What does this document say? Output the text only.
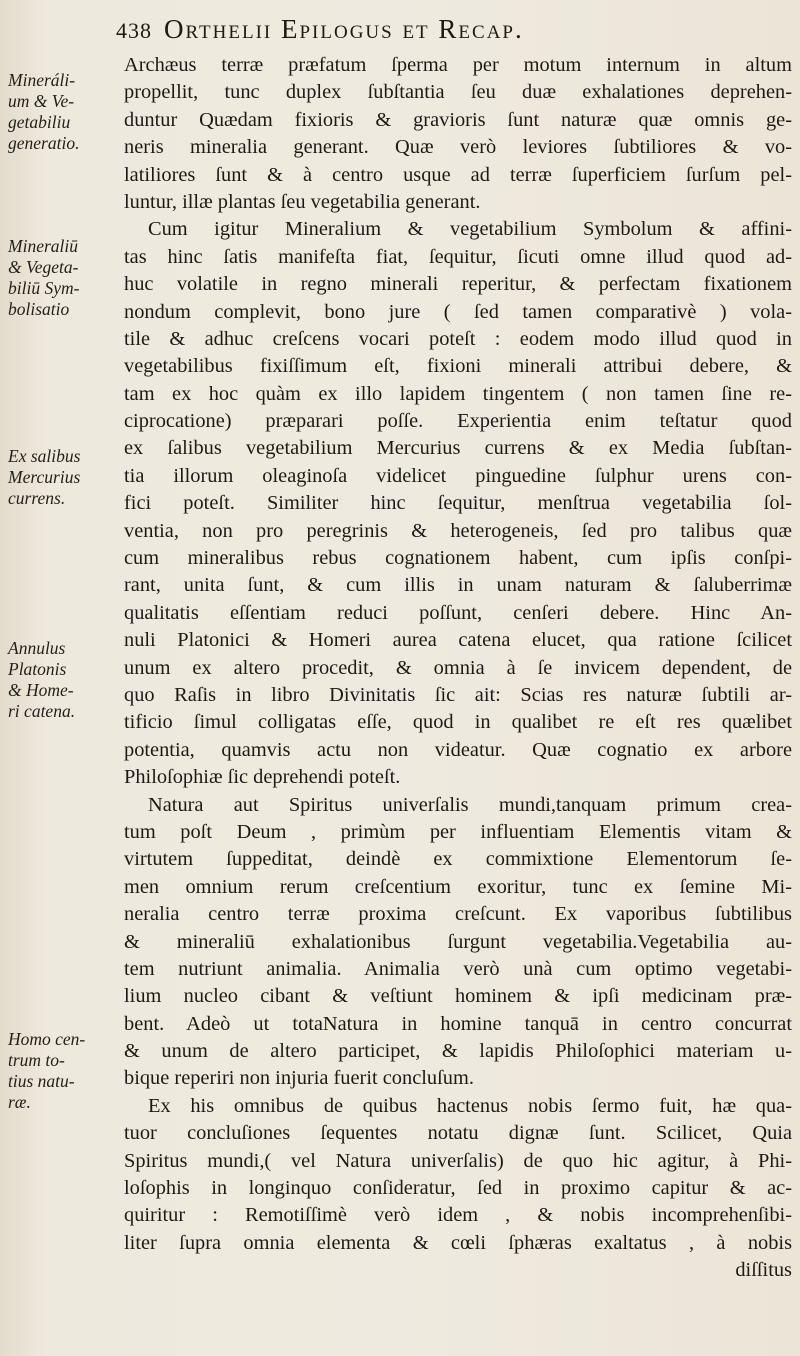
438 Orthelii Epilogus et Recap.
Mineráli-
um & Ve-
getabiliu
generatio.
Mineraliū
& Vegeta-
biliū Sym-
bolisatio
Ex salibus
Mercurius
currens.
Annulus
Platonis
& Home-
ri catena.
Homo cen-
trum to-
tius natu-
ræ.
Archæus terræ præfatum ſperma per motum internum in altum
propellit, tunc duplex ſubſtantia ſeu duæ exhalationes deprehen-
duntur Quædam fixioris & gravioris ſunt naturæ quæ omnis ge-
neris mineralia generant. Quæ verò leviores ſubtiliores & vo-
latiliores ſunt & à centro usque ad terræ ſuperficiem ſurſum pel-
luntur, illæ plantas ſeu vegetabilia generant.
Cum igitur Mineralium & vegetabilium Symbolum & affini-
tas hinc ſatis manifeſta fiat, ſequitur, ſicuti omne illud quod ad-
huc volatile in regno minerali reperitur, & perfectam fixationem
nondum complevit, bono jure ( ſed tamen comparativè ) vola-
tile & adhuc creſcens vocari poteſt : eodem modo illud quod in
vegetabilibus fixiſſimum eſt, fixioni minerali attribui debere, &
tam ex hoc quàm ex illo lapidem tingentem ( non tamen ſine re-
ciprocatione) præparari poſſe. Experientia enim teſtatur quod
ex ſalibus vegetabilium Mercurius currens & ex Media ſubſtan-
tia illorum oleaginoſa videlicet pinguedine ſulphur urens con-
fici poteſt. Similiter hinc ſequitur, menſtrua vegetabilia ſol-
ventia, non pro peregrinis & heterogeneis, ſed pro talibus quæ
cum mineralibus rebus cognationem habent, cum ipſis conſpi-
rant, unita ſunt, & cum illis in unam naturam & ſaluberrimæ
qualitatis eſſentiam reduci poſſunt, cenſeri debere. Hinc An-
nuli Platonici & Homeri aurea catena elucet, qua ratione ſcilicet
unum ex altero procedit, & omnia à ſe invicem dependent, de
quo Raſis in libro Divinitatis ſic ait: Scias res naturæ ſubtili ar-
tificio ſimul colligatas eſſe, quod in qualibet re eſt res quælibet
potentia, quamvis actu non videatur. Quæ cognatio ex arbore
Philoſophiæ ſic deprehendi poteſt.
Natura aut Spiritus univerſalis mundi,tanquam primum crea-
tum poſt Deum , primùm per influentiam Elementis vitam &
virtutem ſuppeditat, deindè ex commixtione Elementorum ſe-
men omnium rerum creſcentium exoritur, tunc ex ſemine Mi-
neralia centro terræ proxima creſcunt. Ex vaporibus ſubtilibus
& mineraliū exhalationibus ſurgunt vegetabilia.Vegetabilia au-
tem nutriunt animalia. Animalia verò unà cum optimo vegetabi-
lium nucleo cibant & veſtiunt hominem & ipſi medicinam præ-
bent. Adeò ut totaNatura in homine tanquā in centro concurrat
& unum de altero participet, & lapidis Philoſophici materiam u-
bique reperiri non injuria fuerit concluſum.
Ex his omnibus de quibus hactenus nobis ſermo fuit, hæ qua-
tuor concluſiones ſequentes notatu dignæ ſunt. Scilicet, Quia
Spiritus mundi,( vel Natura univerſalis) de quo hic agitur, à Phi-
loſophis in longinquo conſideratur, ſed in proximo capitur & ac-
quiritur : Remotiſſimè verò idem , & nobis incomprehenſibi-
liter ſupra omnia elementa & cœli ſphæras exaltatus , à nobis
diſſitus
